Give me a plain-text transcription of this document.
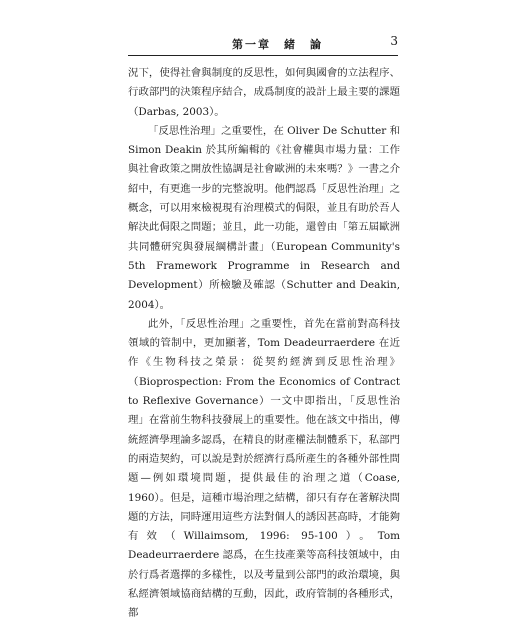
第一章　緒　論	3

況下，使得社會與制度的反思性，如何與國會的立法程序、行政部門的決策程序結合，成爲制度的設計上最主要的課題（Darbas, 2003）。

「反思性治理」之重要性，在 Oliver De Schutter 和 Simon Deakin 於其所編輯的《社會權與市場力量：工作與社會政策之開放性協調是社會歐洲的未來嗎？》一書之介紹中，有更進一步的完整說明。他們認爲「反思性治理」之概念，可以用來檢視現有治理模式的侷限，並且有助於吾人解決此侷限之問題；並且，此一功能，還曾由「第五屆歐洲共同體研究與發展綱構計畫」（European Community's 5th Framework Programme in Research and Development）所檢驗及確認（Schutter and Deakin, 2004）。

此外，「反思性治理」之重要性，首先在當前對高科技領域的管制中，更加顯著，Tom Deadeurraerdere 在近作《生物科技之榮景：從契約經濟到反思性治理》（Bioprospection: From the Economics of Contract to Reflexive Governance）一文中即指出，「反思性治理」在當前生物科技發展上的重要性。他在該文中指出，傳統經濟學理論多認爲，在精良的財產權法制體系下，私部門的兩造契約，可以說是對於經濟行爲所產生的各種外部性問題—例如環境問題，提供最佳的治理之道（Coase, 1960）。但是，這種市場治理之結構，卻只有存在著解決問題的方法，同時運用這些方法對個人的誘因甚高時，才能夠有效（Willaimsom, 1996: 95-100）。Tom Deadeurraerdere 認爲，在生技產業等高科技領域中，由於行爲者選擇的多樣性，以及考量到公部門的政治環境，與私經濟領域協商結構的互動，因此，政府管制的各種形式，都
